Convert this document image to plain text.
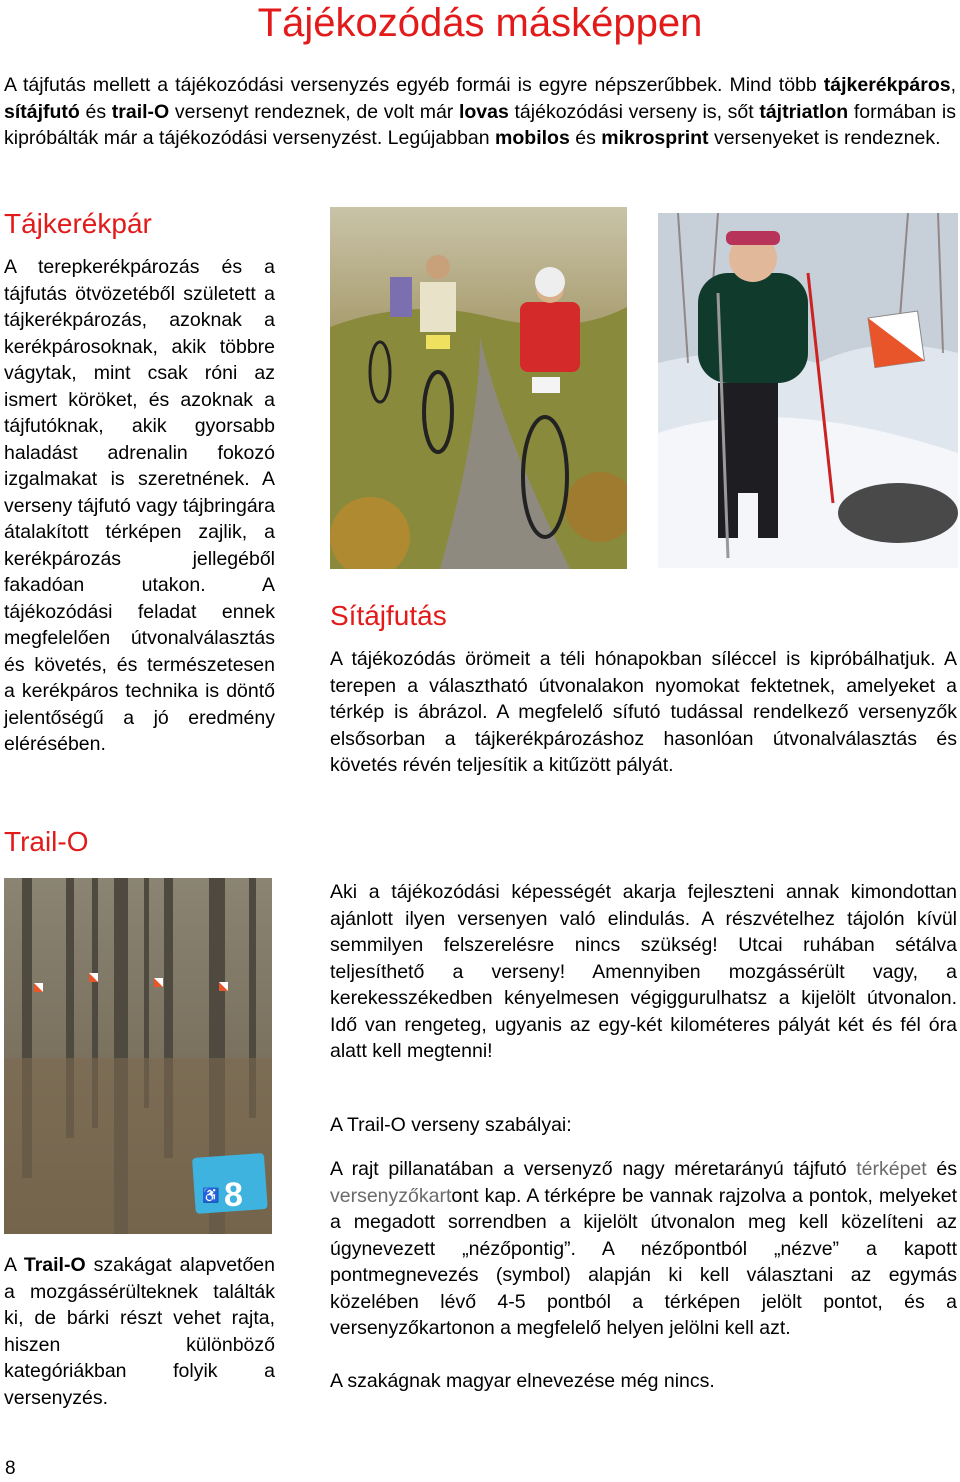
Tájékozódás másképpen
A tájfutás mellett a tájékozódási versenyzés egyéb formái is egyre népszerűbbek. Mind több tájkerékpáros, sítájfutó és trail-O versenyt rendeznek, de volt már lovas tájékozódási verseny is, sőt tájtriatlon formában is kipróbálták már a tájékozódási versenyzést. Legújabban mobilos és mikrosprint versenyeket is rendeznek.
Tájkerékpár

A terepkerékpározás és a tájfutás ötvözetéből született a tájkerékpározás, azoknak a kerékpárosoknak, akik többre vágytak, mint csak róni az ismert köröket, és azoknak a tájfutóknak, akik gyorsabb haladást adrenalin fokozó izgalmakat is szeretnének. A verseny tájfutó vagy tájbringára átalakított térképen zajlik, a kerékpározás jellegéből fakadóan utakon. A tájékozódási feladat ennek megfelelően útvonalválasztás és követés, és természetesen a kerékpáros technika is döntő jelentőségű a jó eredmény elérésében.

Sítájfutás

A tájékozódás örömeit a téli hónapokban síléccel is kipróbálhatjuk. A terepen a választható útvonalakon nyomokat fektetnek, amelyeket a térkép is ábrázol. A megfelelő sífutó tudással rendelkező versenyzők elsősorban a tájkerékpározáshoz hasonlóan útvonalválasztás és követés révén teljesítik a kitűzött pályát.

Trail-O
♿ 8

A Trail-O szakágat alapvetően a mozgássérülteknek találták ki, de bárki részt vehet rajta, hiszen különböző kategóriákban folyik a versenyzés.

Aki a tájékozódási képességét akarja fejleszteni annak kimondottan ajánlott ilyen versenyen való elindulás. A részvételhez tájolón kívül semmilyen felszerelésre nincs szükség! Utcai ruhában sétálva teljesíthető a verseny! Amennyiben mozgássérült vagy, a kerekesszékedben kényelmesen végiggurulhatsz a kijelölt útvonalon. Idő van rengeteg, ugyanis az egy-két kilométeres pályát két és fél óra alatt kell megtenni!

A Trail-O verseny szabályai:

A rajt pillanatában a versenyző nagy méretarányú tájfutó térképet és versenyzőkartont kap. A térképre be vannak rajzolva a pontok, melyeket a megadott sorrendben a kijelölt útvonalon meg kell közelíteni az úgynevezett „nézőpontig”. A nézőpontból „nézve” a kapott pontmegnevezés (symbol) alapján ki kell választani az egymás közelében lévő 4-5 pontból a térképen jelölt pontot, és a versenyzőkartonon a megfelelő helyen jelölni kell azt.

A szakágnak magyar elnevezése még nincs.

8
